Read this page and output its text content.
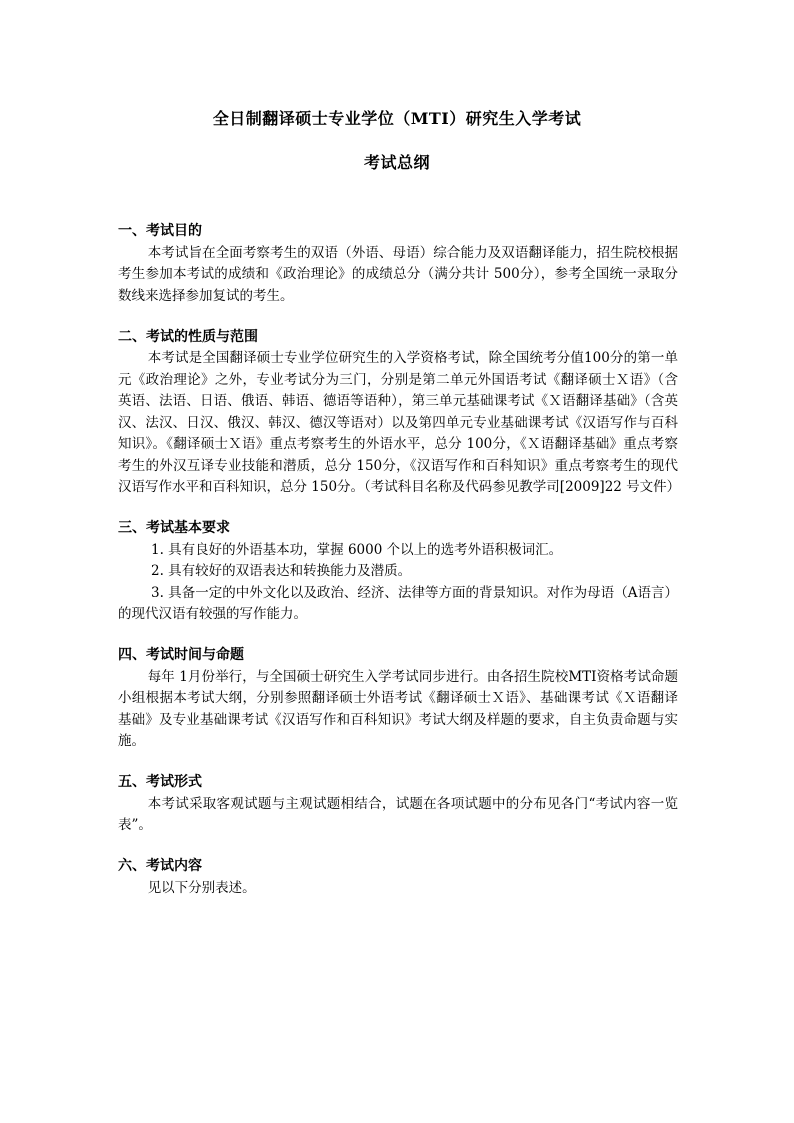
全日制翻译硕士专业学位（MTI）研究生入学考试
考试总纲
一、考试目的
本考试旨在全面考察考生的双语（外语、母语）综合能力及双语翻译能力，招生院校根据考生参加本考试的成绩和《政治理论》的成绩总分（满分共计 500分），参考全国统一录取分数线来选择参加复试的考生。
二、考试的性质与范围
本考试是全国翻译硕士专业学位研究生的入学资格考试，除全国统考分值100分的第一单元《政治理论》之外，专业考试分为三门，分别是第二单元外国语考试《翻译硕士Ｘ语》（含英语、法语、日语、俄语、韩语、德语等语种），第三单元基础课考试《Ｘ语翻译基础》（含英汉、法汉、日汉、俄汉、韩汉、德汉等语对）以及第四单元专业基础课考试《汉语写作与百科知识》。《翻译硕士Ｘ语》重点考察考生的外语水平，总分 100分，《Ｘ语翻译基础》重点考察考生的外汉互译专业技能和潜质，总分 150分，《汉语写作和百科知识》重点考察考生的现代汉语写作水平和百科知识，总分 150分。（考试科目名称及代码参见教学司[2009]22 号文件）
三、考试基本要求
1. 具有良好的外语基本功，掌握 6000 个以上的选考外语积极词汇。
2. 具有较好的双语表达和转换能力及潜质。
3. 具备一定的中外文化以及政治、经济、法律等方面的背景知识。对作为母语（A语言）的现代汉语有较强的写作能力。
四、考试时间与命题
每年 1月份举行，与全国硕士研究生入学考试同步进行。由各招生院校MTI资格考试命题小组根据本考试大纲，分别参照翻译硕士外语考试《翻译硕士Ｘ语》、基础课考试《Ｘ语翻译基础》及专业基础课考试《汉语写作和百科知识》考试大纲及样题的要求，自主负责命题与实施。
五、考试形式
本考试采取客观试题与主观试题相结合，试题在各项试题中的分布见各门“考试内容一览表”。
六、考试内容
见以下分别表述。
